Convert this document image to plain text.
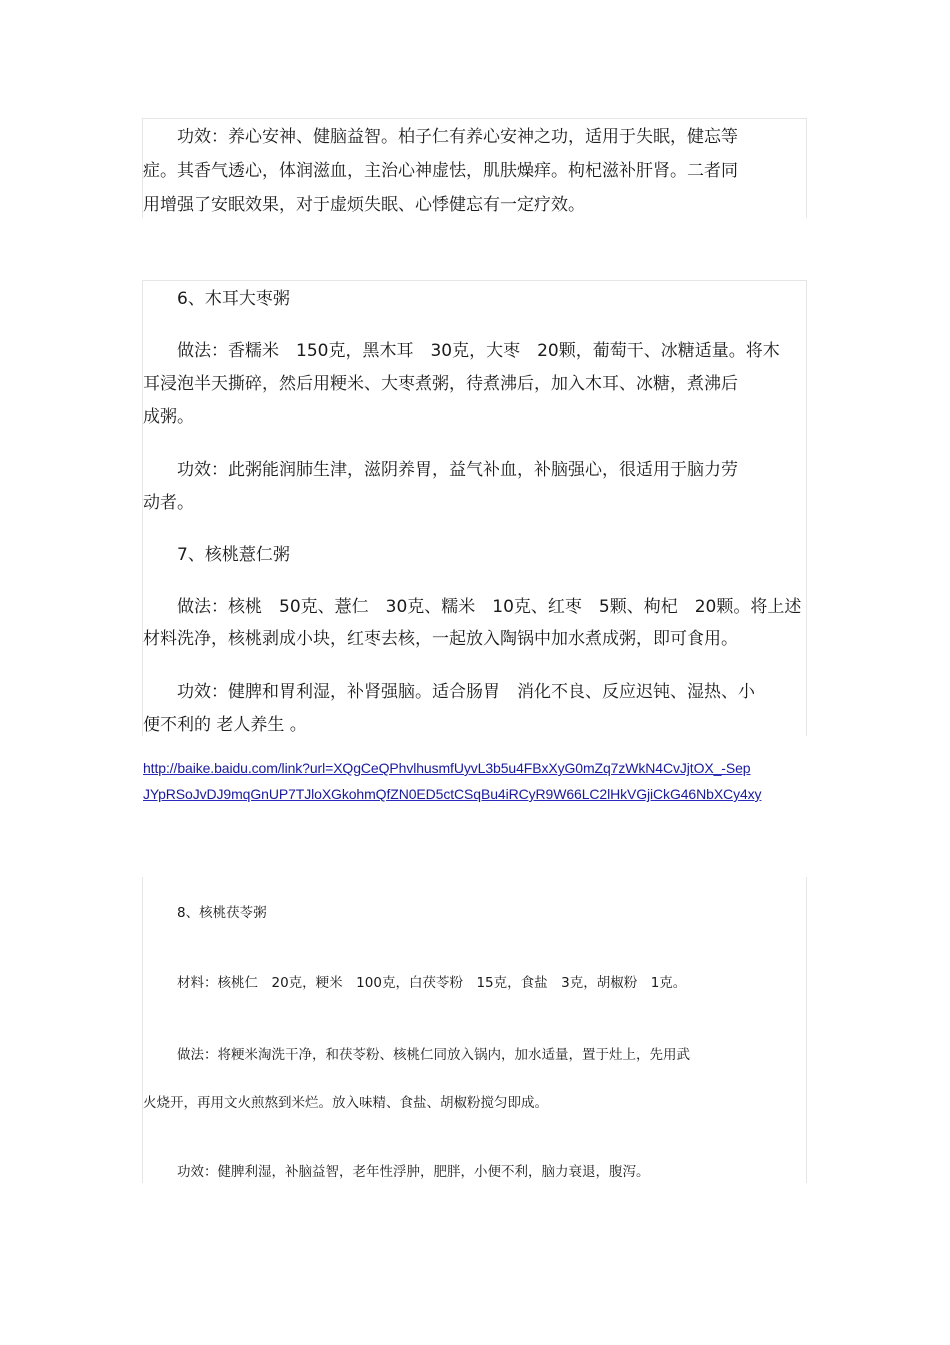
　　功效：养心安神、健脑益智。柏子仁有养心安神之功，适用于失眠，健忘等

症。其香气透心，体润滋血，主治心神虚怯，肌肤燥痒。枸杞滋补肝肾。二者同

用增强了安眠效果，对于虚烦失眠、心悸健忘有一定疗效。

　　6、木耳大枣粥

　　做法：香糯米　150克，黑木耳　30克，大枣　20颗，葡萄干、冰糖适量。将木

耳浸泡半天撕碎，然后用粳米、大枣煮粥，待煮沸后，加入木耳、冰糖，煮沸后

成粥。

　　功效：此粥能润肺生津，滋阴养胃，益气补血，补脑强心，很适用于脑力劳

动者。

　　7、核桃薏仁粥

　　做法：核桃　50克、薏仁　30克、糯米　10克、红枣　5颗、枸杞　20颗。将上述

材料洗净，核桃剥成小块，红枣去核，一起放入陶锅中加水煮成粥，即可食用。

　　功效：健脾和胃利湿，补肾强脑。适合肠胃　消化不良、反应迟钝、湿热、小

便不利的 老人养生 。

http://baike.baidu.com/link?url=XQgCeQPhvlhusmfUyvL3b5u4FBxXyG0mZq7zWkN4CvJjtOX_-Sep
JYpRSoJvDJ9mqGnUP7TJloXGkohmQfZN0ED5ctCSqBu4iRCyR9W66LC2lHkVGjiCkG46NbXCy4xy

8、核桃茯苓粥

材料：核桃仁　20克，粳米　100克，白茯苓粉　15克，食盐　3克，胡椒粉　1克。

做法：将粳米淘洗干净，和茯苓粉、核桃仁同放入锅内，加水适量，置于灶上，先用武

火烧开，再用文火煎熬到米烂。放入味精、食盐、胡椒粉搅匀即成。

功效：健脾利湿，补脑益智，老年性浮肿，肥胖，小便不利，脑力衰退，腹泻。
